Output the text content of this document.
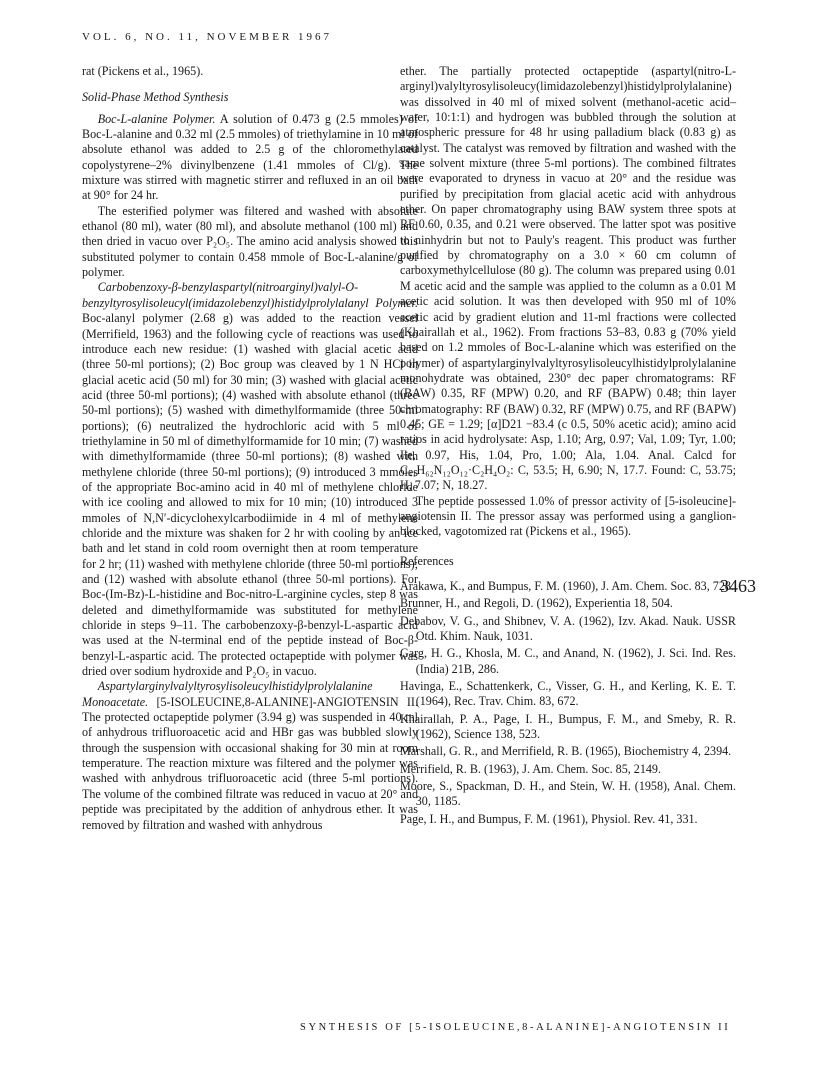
VOL. 6, NO. 11, NOVEMBER 1967

rat (Pickens et al., 1965).

Solid-Phase Method Synthesis

Boc-L-alanine Polymer. A solution of 0.473 g (2.5 mmoles) of Boc-L-alanine and 0.32 ml (2.5 mmoles) of triethylamine in 10 ml of absolute ethanol was added to 2.5 g of the chloromethylated copolystyrene–2% divinylbenzene (1.41 mmoles of Cl/g). The mixture was stirred with magnetic stirrer and refluxed in an oil bath at 90° for 24 hr.

The esterified polymer was filtered and washed with absolute ethanol (80 ml), water (80 ml), and absolute methanol (100 ml) and then dried in vacuo over P₂O₅. The amino acid analysis showed this substituted polymer to contain 0.458 mmole of Boc-L-alanine/g of polymer.

Carbobenzoxy-β-benzylaspartyl(nitroarginyl)valyl-O-benzyltyrosylisoleucyl(imidazolebenzyl)histidylprolylalanyl Polymer. Boc-alanyl polymer (2.68 g) was added to the reaction vessel (Merrifield, 1963) and the following cycle of reactions was used to introduce each new residue: (1) washed with glacial acetic acid (three 50-ml portions); (2) Boc group was cleaved by 1 N HCl in glacial acetic acid (50 ml) for 30 min; (3) washed with glacial acetic acid (three 50-ml portions); (4) washed with absolute ethanol (three 50-ml portions); (5) washed with dimethylformamide (three 50-ml portions); (6) neutralized the hydrochloric acid with 5 ml of triethylamine in 50 ml of dimethylformamide for 10 min; (7) washed with dimethylformamide (three 50-ml portions); (8) washed with methylene chloride (three 50-ml portions); (9) introduced 3 mmoles of the appropriate Boc-amino acid in 40 ml of methylene chloride with ice cooling and allowed to mix for 10 min; (10) introduced 3 mmoles of N,N′-dicyclohexylcarbodiimide in 4 ml of methylene chloride and the mixture was shaken for 2 hr with cooling by an ice bath and let stand in cold room overnight then at room temperature for 2 hr; (11) washed with methylene chloride (three 50-ml portions); and (12) washed with absolute ethanol (three 50-ml portions). For Boc-(Im-Bz)-L-histidine and Boc-nitro-L-arginine cycles, step 8 was deleted and dimethylformamide was substituted for methylene chloride in steps 9–11. The carbobenzoxy-β-benzyl-L-aspartic acid was used at the N-terminal end of the peptide instead of Boc-β-benzyl-L-aspartic acid. The protected octapeptide with polymer was dried over sodium hydroxide and P₂O₅ in vacuo.

Aspartylarginylvalyltyrosylisoleucylhistidylprolylalanine Monoacetate. [5-ISOLEUCINE,8-ALANINE]-ANGIOTENSIN II. The protected octapeptide polymer (3.94 g) was suspended in 40 ml of anhydrous trifluoroacetic acid and HBr gas was bubbled slowly through the suspension with occasional shaking for 30 min at room temperature. The reaction mixture was filtered and the polymer was washed with anhydrous trifluoroacetic acid (three 5-ml portions). The volume of the combined filtrate was reduced in vacuo at 20° and peptide was precipitated by the addition of anhydrous ether. It was removed by filtration and washed with anhydrous

ether. The partially protected octapeptide (aspartyl(nitro-L-arginyl)valyltyrosylisoleucy(limidazolebenzyl)histidylprolylalanine) was dissolved in 40 ml of mixed solvent (methanol-acetic acid–water, 10:1:1) and hydrogen was bubbled through the solution at atmospheric pressure for 48 hr using palladium black (0.83 g) as catalyst. The catalyst was removed by filtration and washed with the same solvent mixture (three 5-ml portions). The combined filtrates were evaporated to dryness in vacuo at 20° and the residue was purified by precipitation from glacial acetic acid with anhydrous ether. On paper chromatography using BAW system three spots at RF 0.60, 0.35, and 0.21 were observed. The latter spot was positive to ninhydrin but not to Pauly's reagent. This product was further purified by chromatography on a 3.0 × 60 cm column of carboxymethylcellulose (80 g). The column was prepared using 0.01 M acetic acid and the sample was applied to the column as a 0.01 M acetic acid solution. It was then developed with 950 ml of 10% acetic acid by gradient elution and 11-ml fractions were collected (Khairallah et al., 1962). From fractions 53–83, 0.83 g (70% yield based on 1.2 mmoles of Boc-L-alanine which was esterified on the polymer) of aspartylarginylvalyltyrosylisoleucylhistidylprolylalanine monohydrate was obtained, 230° dec paper chromatograms: RF (BAW) 0.35, RF (MPW) 0.20, and RF (BAPW) 0.48; thin layer chromatography: RF (BAW) 0.32, RF (MPW) 0.75, and RF (BAPW) 0.45; GE = 1.29; [α]D21 −83.4 (c 0.5, 50% acetic acid); amino acid ratios in acid hydrolysate: Asp, 1.10; Arg, 0.97; Val, 1.09; Tyr, 1.00; Ile, 0.97, His, 1.04, Pro, 1.00; Ala, 1.04. Anal. Calcd for C₄₁H₆₂N₁₂O₁₂·C₂H₄O₂: C, 53.5; H, 6.90; N, 17.7. Found: C, 53.75; H, 7.07; N, 18.27.

The peptide possessed 1.0% of pressor activity of [5-isoleucine]-angiotensin II. The pressor assay was performed using a ganglion-blocked, vagotomized rat (Pickens et al., 1965).

References

Arakawa, K., and Bumpus, F. M. (1960), J. Am. Chem. Soc. 83, 728.

Brunner, H., and Regoli, D. (1962), Experientia 18, 504.

Debabov, V. G., and Shibnev, V. A. (1962), Izv. Akad. Nauk. USSR Otd. Khim. Nauk, 1031.

Garg, H. G., Khosla, M. C., and Anand, N. (1962), J. Sci. Ind. Res. (India) 21B, 286.

Havinga, E., Schattenkerk, C., Visser, G. H., and Kerling, K. E. T. (1964), Rec. Trav. Chim. 83, 672.

Khairallah, P. A., Page, I. H., Bumpus, F. M., and Smeby, R. R. (1962), Science 138, 523.

Marshall, G. R., and Merrifield, R. B. (1965), Biochemistry 4, 2394.

Merrifield, R. B. (1963), J. Am. Chem. Soc. 85, 2149.

Moore, S., Spackman, D. H., and Stein, W. H. (1958), Anal. Chem. 30, 1185.

Page, I. H., and Bumpus, F. M. (1961), Physiol. Rev. 41, 331.

3463
SYNTHESIS OF [5-ISOLEUCINE,8-ALANINE]-ANGIOTENSIN II
